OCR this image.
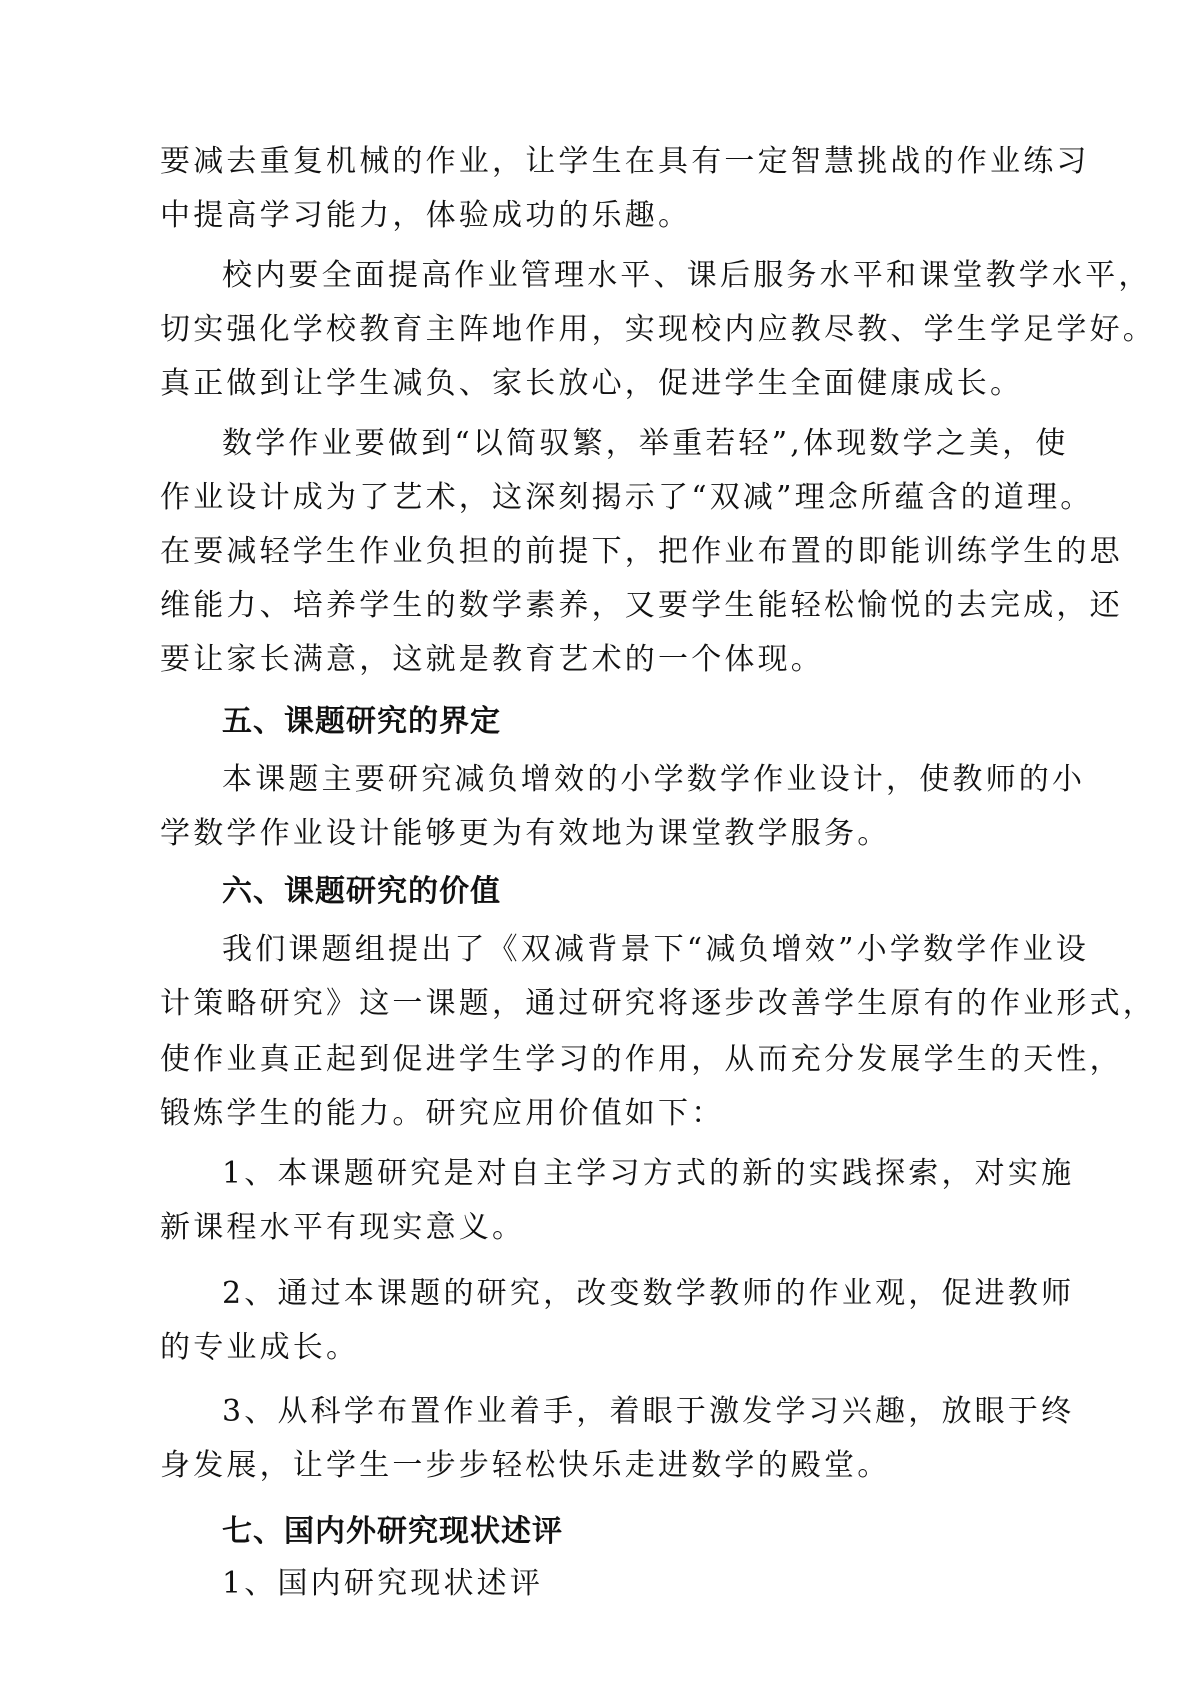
要减去重复机械的作业，让学生在具有一定智慧挑战的作业练习
中提高学习能力，体验成功的乐趣。
校内要全面提高作业管理水平、课后服务水平和课堂教学水平，
切实强化学校教育主阵地作用，实现校内应教尽教、学生学足学好。
真正做到让学生减负、家长放心，促进学生全面健康成长。
数学作业要做到“以简驭繁，举重若轻”,体现数学之美，使
作业设计成为了艺术，这深刻揭示了“双减”理念所蕴含的道理。
在要减轻学生作业负担的前提下，把作业布置的即能训练学生的思
维能力、培养学生的数学素养，又要学生能轻松愉悦的去完成，还
要让家长满意，这就是教育艺术的一个体现。
五、课题研究的界定
本课题主要研究减负增效的小学数学作业设计，使教师的小
学数学作业设计能够更为有效地为课堂教学服务。
六、课题研究的价值
我们课题组提出了《双减背景下“减负增效”小学数学作业设
计策略研究》这一课题，通过研究将逐步改善学生原有的作业形式，
使作业真正起到促进学生学习的作用，从而充分发展学生的天性，
锻炼学生的能力。研究应用价值如下：
1、本课题研究是对自主学习方式的新的实践探索，对实施
新课程水平有现实意义。
2、通过本课题的研究，改变数学教师的作业观，促进教师
的专业成长。
3、从科学布置作业着手，着眼于激发学习兴趣，放眼于终
身发展，让学生一步步轻松快乐走进数学的殿堂。
七、国内外研究现状述评
1、国内研究现状述评
